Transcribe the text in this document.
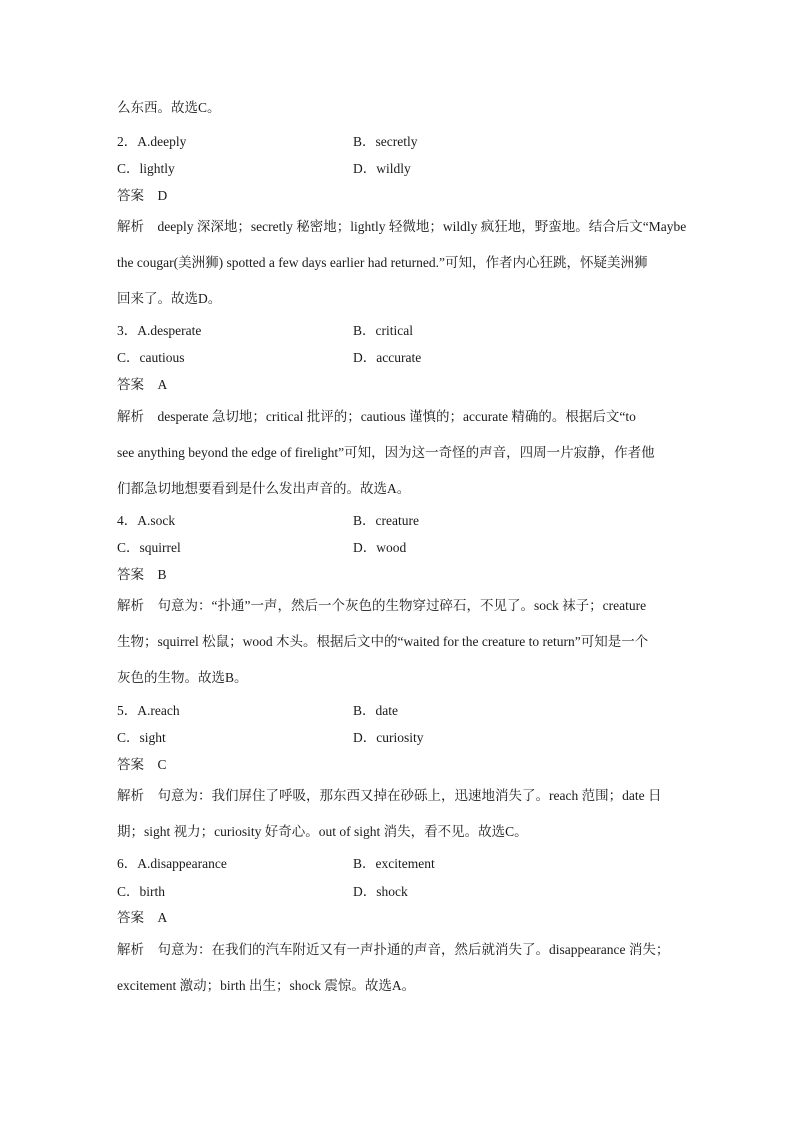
么东西。故选C。
2．A.deeply	B．secretly
C．lightly	D．wildly
答案　D
解析　deeply 深深地；secretly 秘密地；lightly 轻微地；wildly 疯狂地，野蛮地。结合后文“Maybe
the cougar(美洲狮) spotted a few days earlier had returned.”可知，作者内心狂跳，怀疑美洲狮
回来了。故选D。
3．A.desperate	B．critical
C．cautious	D．accurate
答案　A
解析　desperate 急切地；critical 批评的；cautious 谨慎的；accurate 精确的。根据后文“to
see anything beyond the edge of firelight”可知，因为这一奇怪的声音，四周一片寂静，作者他
们都急切地想要看到是什么发出声音的。故选A。
4．A.sock	B．creature
C．squirrel	D．wood
答案　B
解析　句意为：“扑通”一声，然后一个灰色的生物穿过碎石，不见了。sock 袜子；creature
生物；squirrel 松鼠；wood 木头。根据后文中的“waited for the creature to return”可知是一个
灰色的生物。故选B。
5．A.reach	B．date
C．sight	D．curiosity
答案　C
解析　句意为：我们屏住了呼吸，那东西又掉在砂砾上，迅速地消失了。reach 范围；date 日
期；sight 视力；curiosity 好奇心。out of sight 消失，看不见。故选C。
6．A.disappearance	B．excitement
C．birth	D．shock
答案　A
解析　句意为：在我们的汽车附近又有一声扑通的声音，然后就消失了。disappearance 消失；
excitement 激动；birth 出生；shock 震惊。故选A。
